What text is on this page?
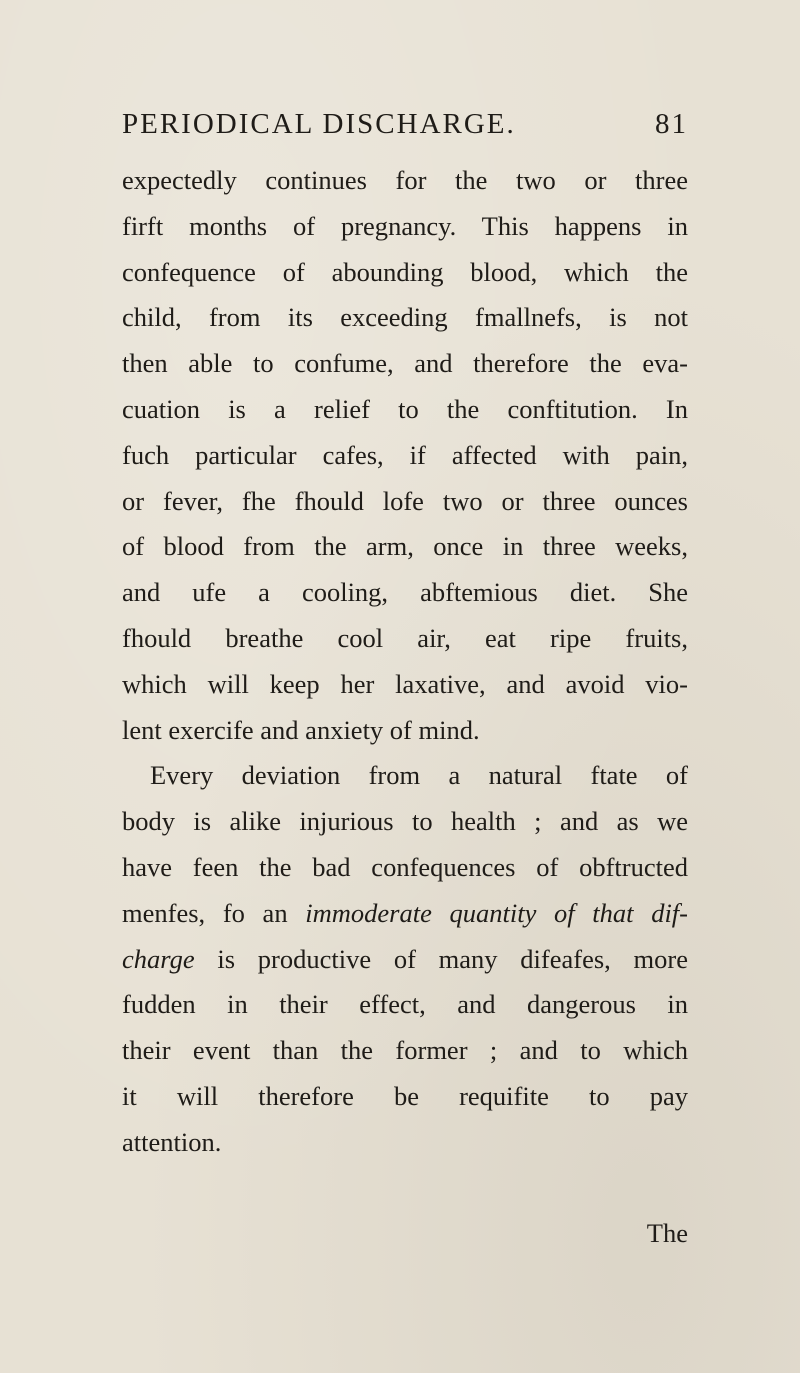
PERIODICAL DISCHARGE.	81
expectedly continues for the two or three
firft months of pregnancy. This happens in
confequence of abounding blood, which the
child, from its exceeding fmallnefs, is not
then able to confume, and therefore the eva-
cuation is a relief to the conftitution. In
fuch particular cafes, if affected with pain,
or fever, fhe fhould lofe two or three ounces
of blood from the arm, once in three weeks,
and ufe a cooling, abftemious diet. She
fhould breathe cool air, eat ripe fruits,
which will keep her laxative, and avoid vio-
lent exercife and anxiety of mind.
Every deviation from a natural ftate of
body is alike injurious to health ; and as we
have feen the bad confequences of obftructed
menfes, fo an immoderate quantity of that dif-
charge is productive of many difeafes, more
fudden in their effect, and dangerous in
their event than the former ; and to which
it will therefore be requifite to pay
attention.
The
